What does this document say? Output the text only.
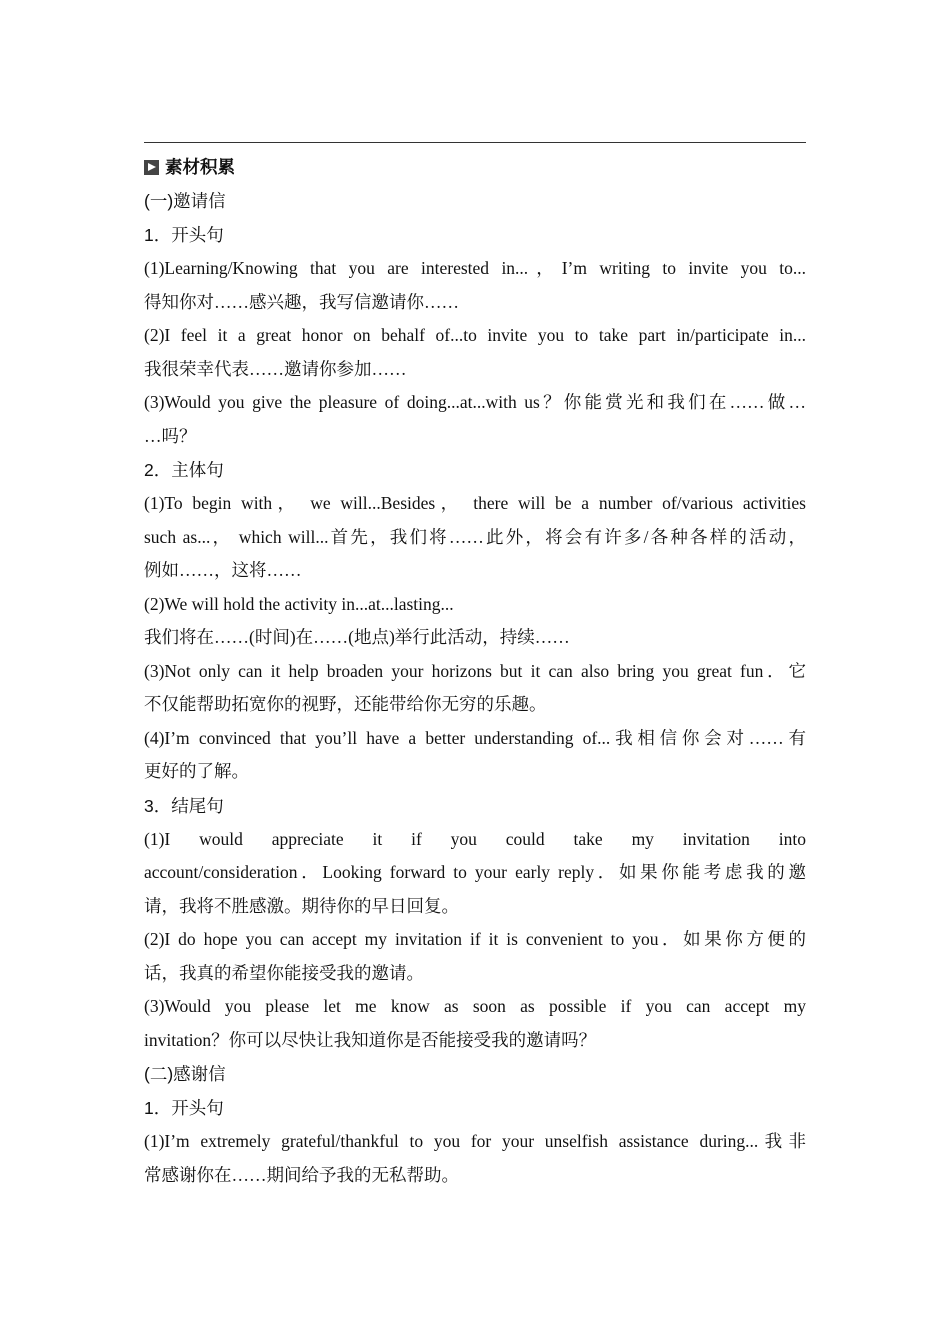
素材积累
(一)邀请信
1．开头句
(1)Learning/Knowing that you are interested in...，I’m writing to invite you to...
得知你对……感兴趣，我写信邀请你……
(2)I feel it a great honor on behalf of...to invite you to take part in/participate in...
我很荣幸代表……邀请你参加……
(3)Would you give the pleasure of doing...at...with us？你能赏光和我们在……做…
…吗？
2．主体句
(1)To begin with， we will...Besides， there will be a number of/various activities
such as...， which will...首先，我们将……此外，将会有许多/各种各样的活动，
例如……，这将……
(2)We will hold the activity in...at...lasting...
我们将在……(时间)在……(地点)举行此活动，持续……
(3)Not only can it help broaden your horizons but it can also bring you great fun．它
不仅能帮助拓宽你的视野，还能带给你无穷的乐趣。
(4)I’m convinced that you’ll have a better understanding of...我相信你会对……有
更好的了解。
3．结尾句
(1)I would appreciate it if you could take my invitation into
account/consideration．Looking forward to your early reply．如果你能考虑我的邀
请，我将不胜感激。期待你的早日回复。
(2)I do hope you can accept my invitation if it is convenient to you．如果你方便的
话，我真的希望你能接受我的邀请。
(3)Would you please let me know as soon as possible if you can accept my
invitation？你可以尽快让我知道你是否能接受我的邀请吗？
(二)感谢信
1．开头句
(1)I’m extremely grateful/thankful to you for your unselfish assistance during...我非
常感谢你在……期间给予我的无私帮助。
